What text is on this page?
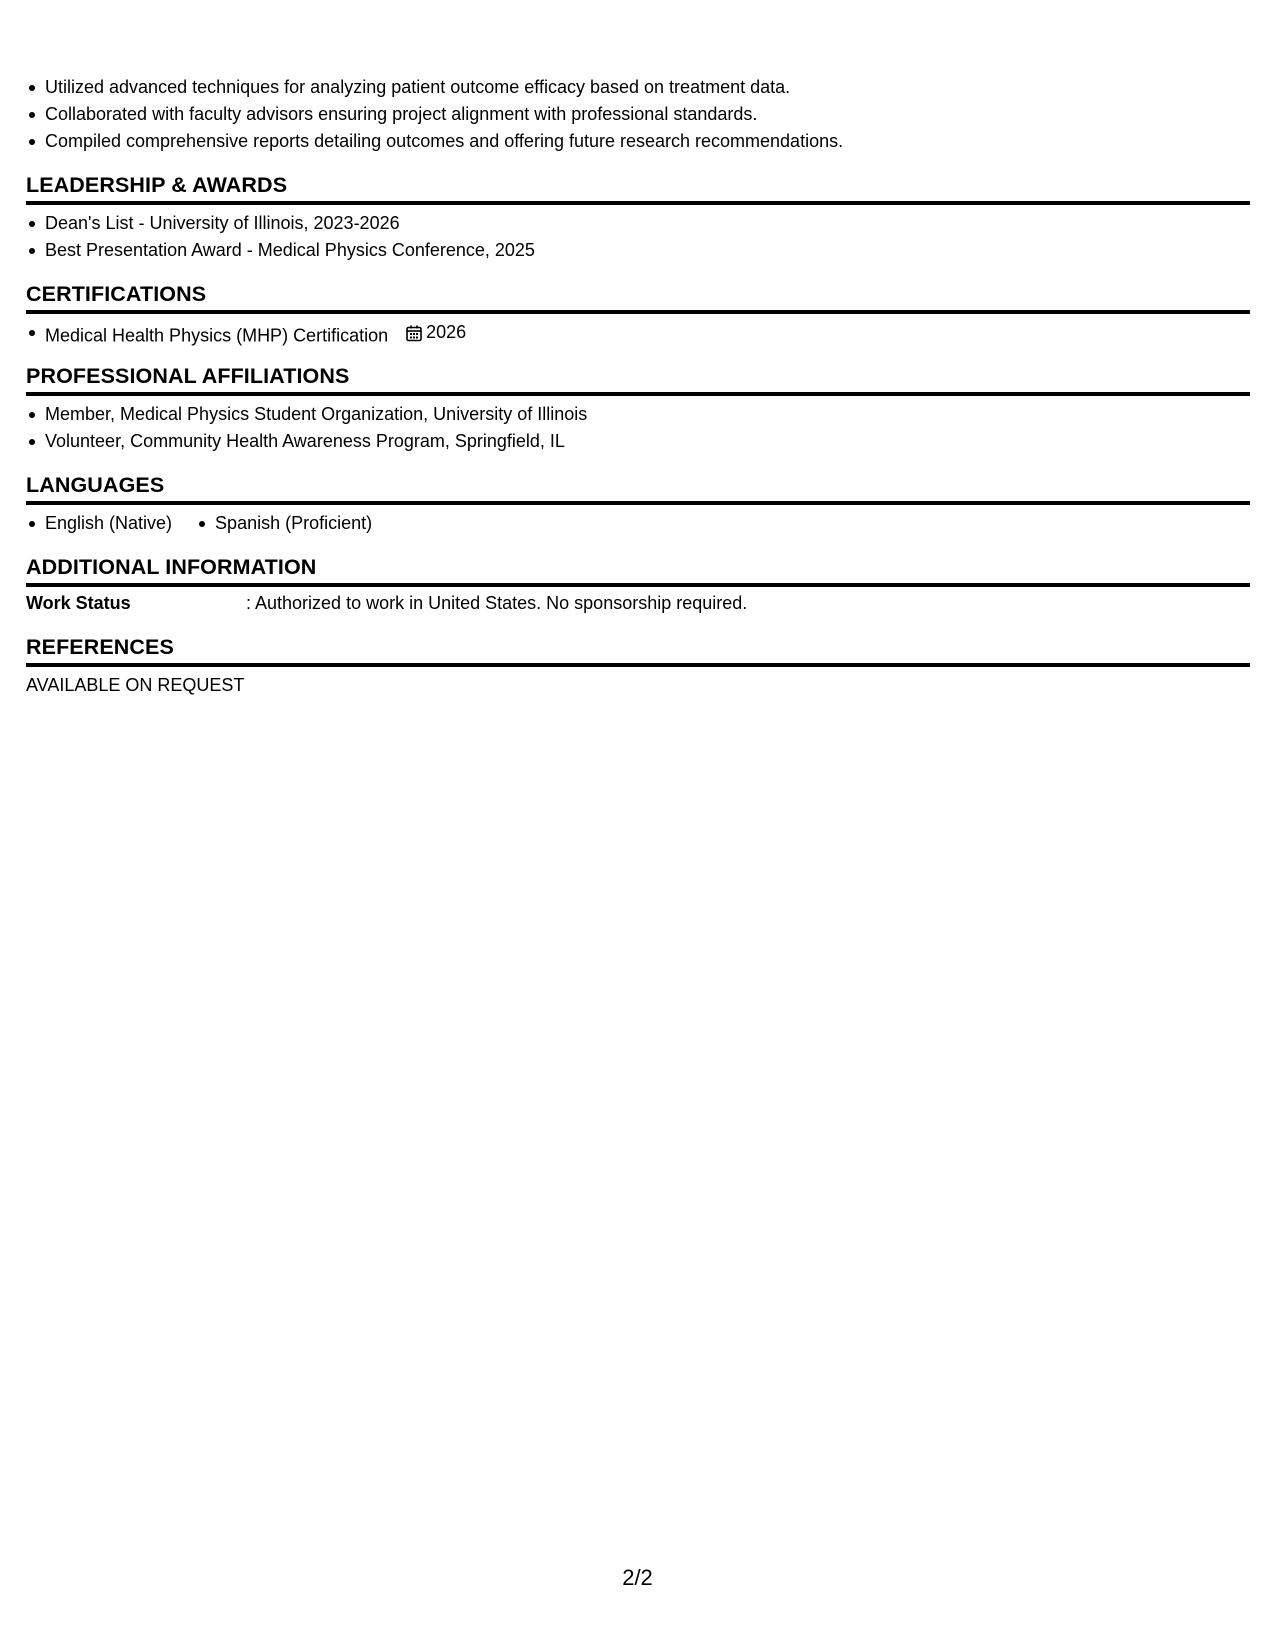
Utilized advanced techniques for analyzing patient outcome efficacy based on treatment data.
Collaborated with faculty advisors ensuring project alignment with professional standards.
Compiled comprehensive reports detailing outcomes and offering future research recommendations.
LEADERSHIP & AWARDS
Dean's List - University of Illinois, 2023-2026
Best Presentation Award - Medical Physics Conference, 2025
CERTIFICATIONS
Medical Health Physics (MHP) Certification 2026
PROFESSIONAL AFFILIATIONS
Member, Medical Physics Student Organization, University of Illinois
Volunteer, Community Health Awareness Program, Springfield, IL
LANGUAGES
English (Native)	Spanish (Proficient)
ADDITIONAL INFORMATION
Work Status	: Authorized to work in United States. No sponsorship required.
REFERENCES
AVAILABLE ON REQUEST
2/2
